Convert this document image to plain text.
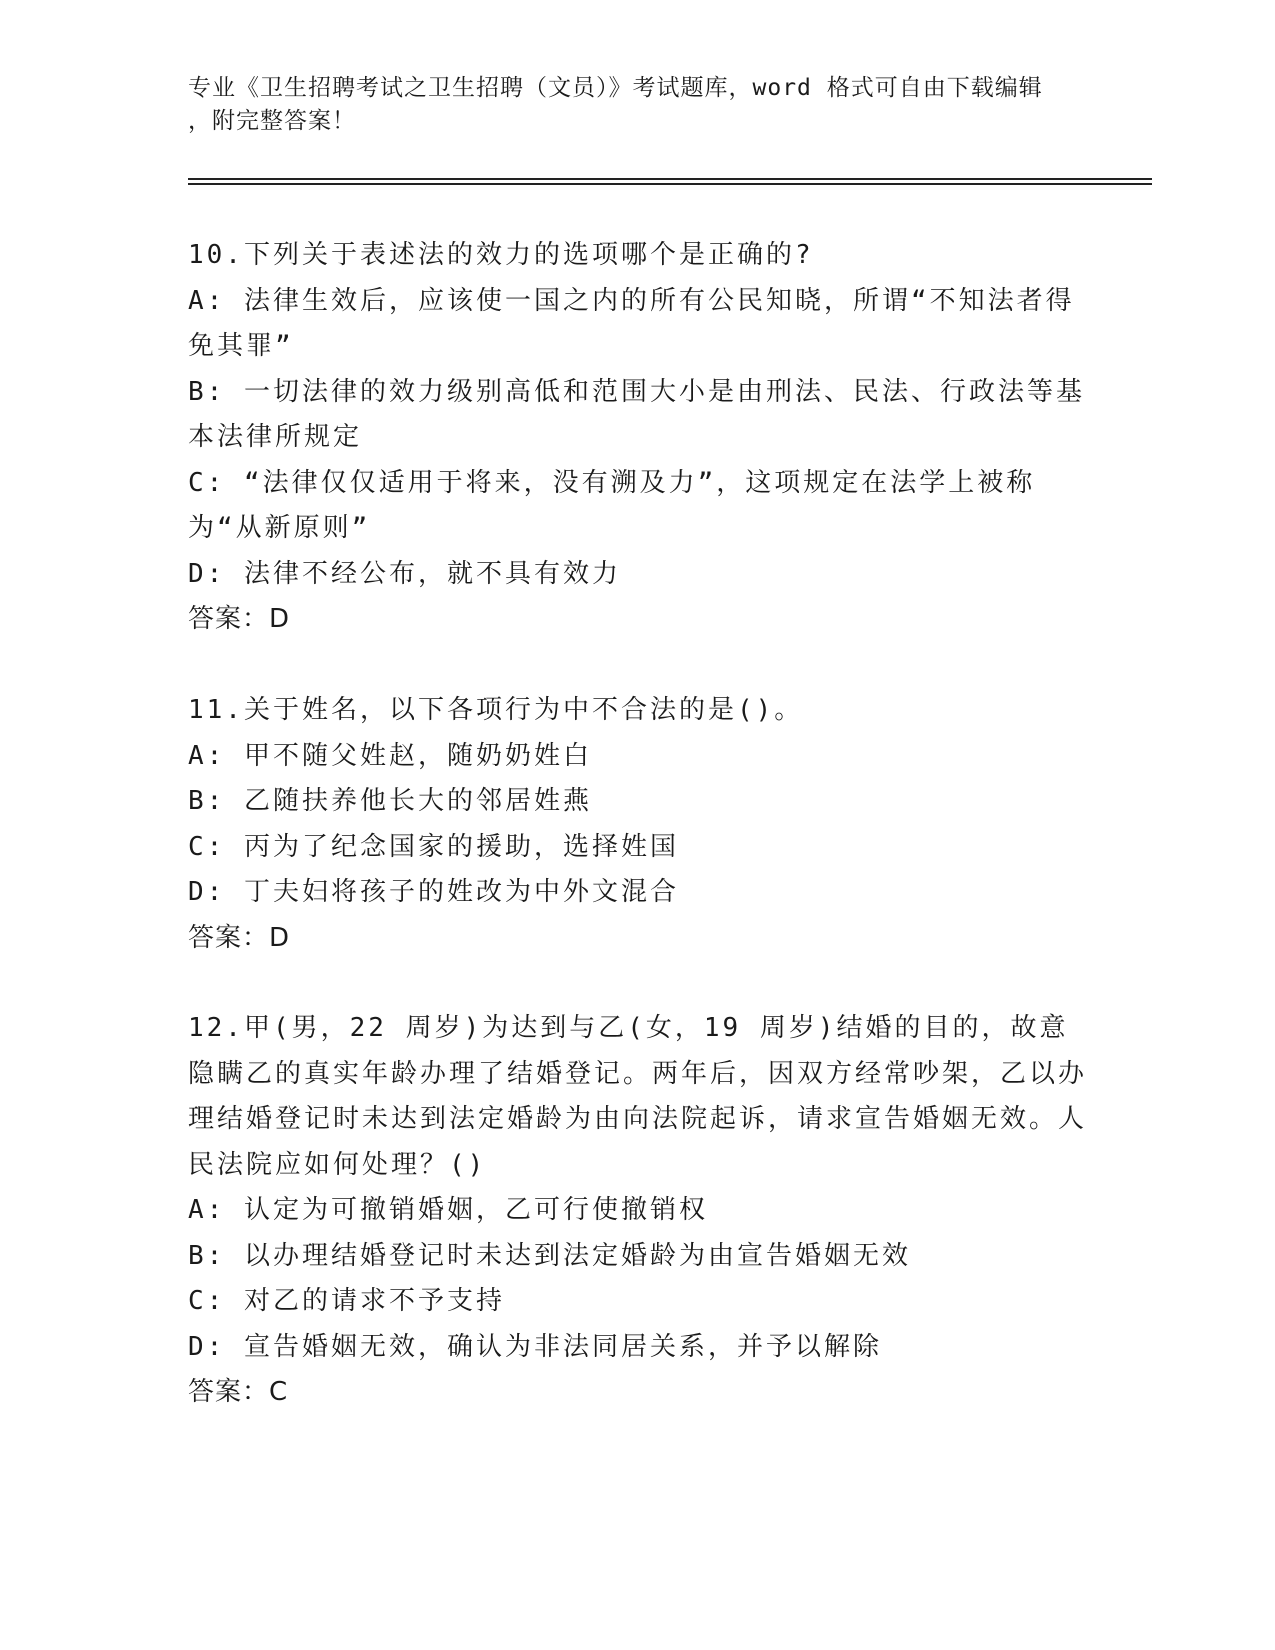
专业《卫生招聘考试之卫生招聘（文员）》考试题库，word 格式可自由下载编辑
，附完整答案！

10.下列关于表述法的效力的选项哪个是正确的?

A: 法律生效后，应该使一国之内的所有公民知晓，所谓“不知法者得免其罪”

B: 一切法律的效力级别高低和范围大小是由刑法、民法、行政法等基本法律所规定

C: “法律仅仅适用于将来，没有溯及力”，这项规定在法学上被称为“从新原则”

D: 法律不经公布，就不具有效力

答案：D

11.关于姓名，以下各项行为中不合法的是()。

A: 甲不随父姓赵，随奶奶姓白

B: 乙随扶养他长大的邻居姓燕

C: 丙为了纪念国家的援助，选择姓国

D: 丁夫妇将孩子的姓改为中外文混合

答案：D

12.甲(男，22 周岁)为达到与乙(女，19 周岁)结婚的目的，故意隐瞒乙的真实年龄办理了结婚登记。两年后，因双方经常吵架，乙以办理结婚登记时未达到法定婚龄为由向法院起诉，请求宣告婚姻无效。人民法院应如何处理？()

A: 认定为可撤销婚姻，乙可行使撤销权

B: 以办理结婚登记时未达到法定婚龄为由宣告婚姻无效

C: 对乙的请求不予支持

D: 宣告婚姻无效，确认为非法同居关系，并予以解除

答案：C
